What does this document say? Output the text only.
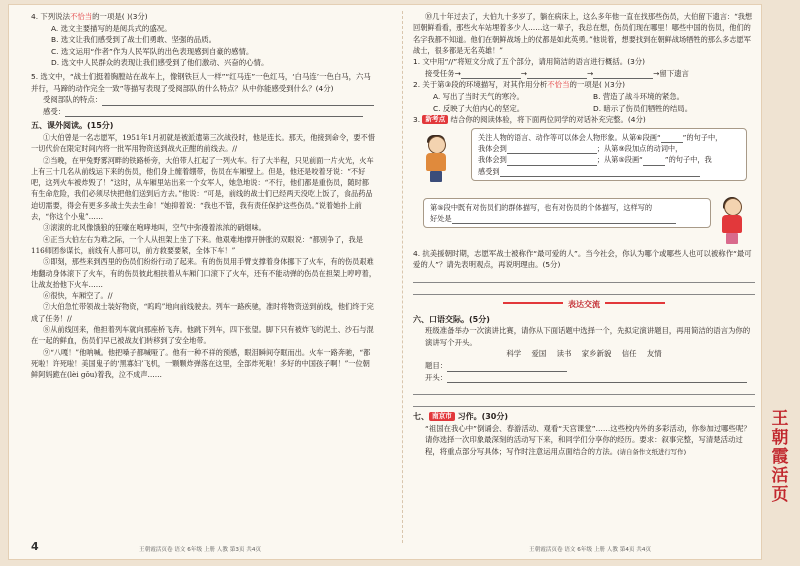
4. 下列说法不恰当的一项是( )(3分)

A. 选文主要描写的是阅兵式的盛况。

B. 选文让我们感受到了战士们勇敢、坚强的品质。

C. 选文运用“作者”作为人民军队的出色表现感到自豪的感情。

D. 选文中人民群众的表现让我们感受到了他们激动、兴奋的心情。

5. 选文中，“战士们挺着胸膛站在战车上，像钢铁巨人一样”“红马连”一色红马，‘白马连’一色白马，六马并行，马蹄的动作完全一致”等描写表现了受阅部队的什么特点？从中你能感受到什么？(4分)

受阅部队的特点：

感受：

五、课外阅读。(15分)

①大伯曾是一名志愿军，1951年1月初就是被派遣第三次战役时，他是连长。那天，他接到命令，要不惜一切代价在限定时间内将一批军用物资送到战火正酣的前线去。//

②当晚，在甲兔野雾河畔的铁路桥旁，大伯带人扛起了一列火车。行了大半程，只见前面一片火光，火车上有三十几名从前线运下来的伤员，他们身上缠着绷带，伤员在车厢壁上。但是，他还是咬着牙说：“不好吧，这列火车被炸毁了！”这时，从车厢里站出来一个女军人，她急地说：“不行，他们都是重伤员，随时都有生命危险，我们必须尽快把他们送到后方去。”他说：“可是，前线的战士们已经两天没吃上饭了，食品药品迫切需要，得会有更多多战士失去生命！”她抑着说：“我也不管，我有责任保护这些伤员。”说着她扑上前去，“你这个小鬼”……

③滚滚的北风像饿狼的狂嚎在咆哮地叫，空气中弥漫着浓浓的硝烟味。

④正当大伯左右为难之际，一个人从担架上坐了下来。他艰难地撑开肿胀的双眼说：“都别争了，我是116师团参谋长，前线有人都可以，前方救要要紧，全体下车！”

⑤即刻，那些来到西里的伤员们纷纷行动了起来。有的伤员用手臂支撑着身体挪下了火车，有的伤员艰难地翻动身体滚下了火车，有的伤员彼此相扶着从车厢门口滚下了火车，还有不能动弹的伤员在担架上哼哼着，让战友抬他下火车……

⑥很快，车厢空了。//

⑦大伯急忙带领战士装好物资，“呜呜”地向前线驶去。列车一路疾驰，准时将物资送到前线，他们终于完成了任务！//

⑧从前线回来，他担着列车就向那座桥飞奔。他跳下列车，四下张望。脚下只有被炸飞的泥土、沙石与混在一起的鲜血，伤员们早已被战友们转移到了安全地带。

⑨“八嘎！”他呐喊。他把嗓子都喊哑了。他有一种不祥的预感，眼泪瞬间夺眶而出。火车一路奔驰，“都死啦！许死啦！美国鬼子的‘黑寡妇’飞机，一颗颗炸弹落在这里，全部炸死啦！多好的中国孩子啊！”一位朝鲜阿妈跪在(lèi gǒu)着我，泣不成声……

⑩几十年过去了，大伯九十多岁了，躺在病床上，这么多年他一直在找那些伤员，大伯留下遗言：“我想回朝鲜看看，那些火车站埋着多少人……这一辈子，我总在想，伤员们现在哪里！哪些中国的伤员，他们的名字我都不知道。他们在朝鲜战场上的仗都是如此英勇。”他说着，想要找到在朝鲜战场牺牲的那么多志愿军战士，很多都是无名英雄！”

1. 文中用“//”将短文分成了五个部分，请用简洁的语言进行概括。(3分)

接受任务→	→	→	→留下遗言

2. 关于第③段的环境描写，对其作用分析不恰当的一项是( )(3分)

A. 写出了当时天气的寒冷。	B. 营造了战斗环境的紧急。

C. 反映了大伯内心的坚定。	D. 暗示了伤员们牺牲的结局。

3. 新考点 结合你的阅读体验，将下面两位同学的对话补充完整。(4分)

关注人物的语言、动作等可以体会人物形象。从第⑥段画“	”的句子中，

我体会到	；从第⑨段加点的动词中，

我体会到	；从第⑤段画“	”的句子中，我

感受到

第⑤段中既有对伤员们的群体描写，也有对伤员的个体描写，这样写的

好处是

4. 抗美援朝时期，志愿军战士被称作“最可爱的人”。当今社会，你认为哪个或哪些人也可以被称作“最可爱的人”？请先表明观点，再说明理由。(5分)

表达交流

六、口语交际。(5分)

班级准备举办一次演讲比赛，请你从下面话题中选择一个，先拟定演讲题目，再用简洁的语言为你的演讲写个开头。

科学 爱国 读书 家乡新貌 信任 友情

题目：

开头：

七、 南京市 习作。(30分)

“祖国在我心中”倒诵会、春游活动、观看“天宫课堂”……这些校内外的多彩活动，你参加过哪些呢？请你选择一次印象最深刻的活动写下来，和同学们分享你的经历。要求：叙事完整，写清楚活动过程，将重点部分写具体；写作时注意运用点面结合的方法。(请自备作文纸进行写作)

4	王朝霞活页卷 语文 6年级 上册 人教 第3页 共4页	王朝霞活页卷 语文 6年级 上册 人教 第4页 共4页
王朝霞活页
